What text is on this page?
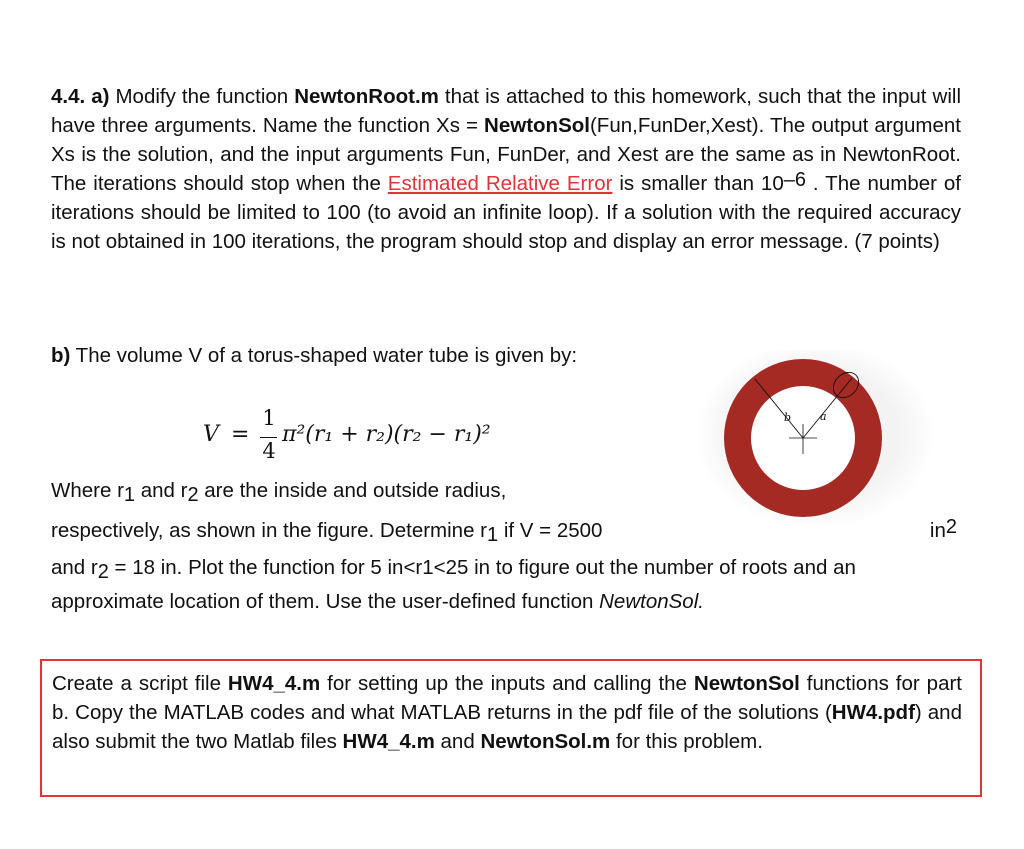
4.4. a) Modify the function NewtonRoot.m that is attached to this homework, such that the input will have three arguments. Name the function Xs = NewtonSol(Fun,FunDer,Xest). The output argument Xs is the solution, and the input arguments Fun, FunDer, and Xest are the same as in NewtonRoot. The iterations should stop when the Estimated Relative Error is smaller than $10^{-6}$ . The number of iterations should be limited to 100 (to avoid an infinite loop). If a solution with the required accuracy is not obtained in 100 iterations, the program should stop and display an error message. (7 points)
b) The volume V of a torus-shaped water tube is given by:
V =
1
4
π²(r₁ + r₂)(r₂ − r₁)²
Where $r_1$ and $r_2$ are the inside and outside radius,
respectively, as shown in the figure. Determine $r_1$ if V = 2500	$in^2$
and $r_2 = 18$ in. Plot the function for 5 in<r1<25 in to figure out the number of roots and an approximate location of them. Use the user-defined function NewtonSol.
b	a
Create a script file HW4_4.m for setting up the inputs and calling the NewtonSol functions for part b. Copy the MATLAB codes and what MATLAB returns in the pdf file of the solutions (HW4.pdf) and also submit the two Matlab files HW4_4.m and NewtonSol.m for this problem.
